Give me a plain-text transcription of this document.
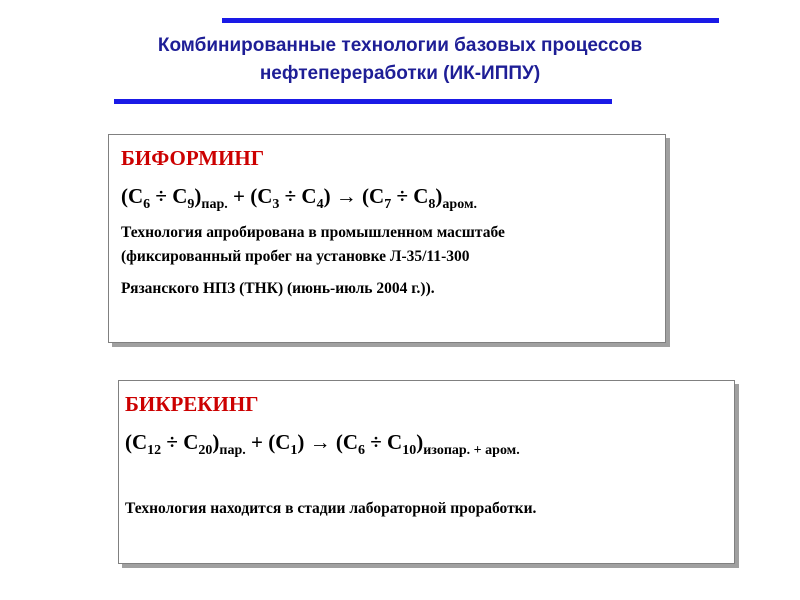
Комбинированные технологии базовых процессов
нефтепереработки (ИК-ИППУ)
БИФОРМИНГ
$(C_6 \div C_9)_{пар.} + (C_3 \div C_4) \to (C_7 \div C_8)_{аром.}$
Технология апробирована в промышленном масштабе
(фиксированный пробег на установке Л-35/11-300
Рязанского НПЗ (ТНК) (июнь-июль 2004 г.)).
БИКРЕКИНГ
$(C_{12} \div C_{20})_{пар.} + (C_1) \to (C_6 \div C_{10})_{изопар. + аром.}$
Технология находится в стадии лабораторной проработки.
